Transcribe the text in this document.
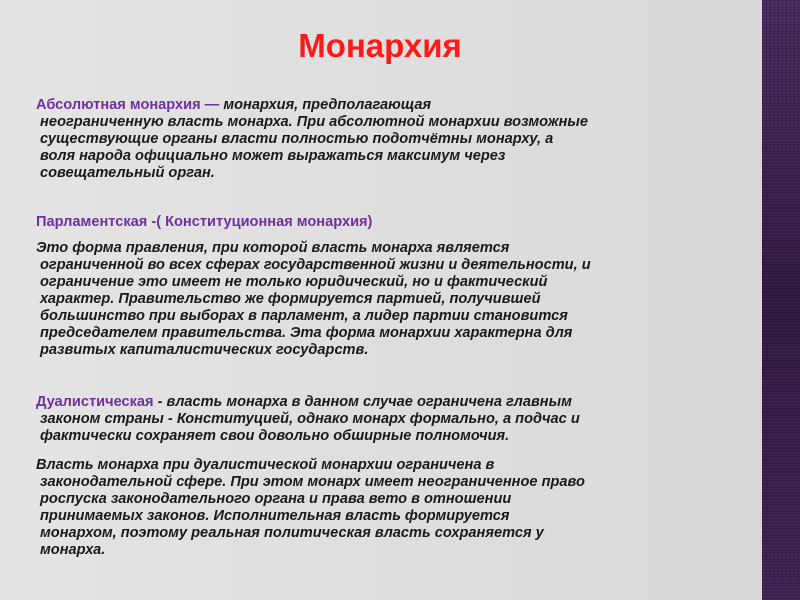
Монархия
Абсолютная монархия — монархия, предполагающая
неограниченную власть монарха. При абсолютной монархии возможные
существующие органы власти полностью подотчётны монарху, а
воля народа официально может выражаться максимум через
совещательный орган.
Парламентская -( Конституционная монархия)
Это форма правления, при которой власть монарха является
ограниченной во всех сферах государственной жизни и деятельности, и
ограничение это имеет не только юридический, но и фактический
характер. Правительство же формируется партией, получившей
большинство при выборах в парламент, а лидер партии становится
председателем правительства. Эта форма монархии характерна для
развитых капиталистических государств.
Дуалистическая - власть монарха в данном случае ограничена главным
законом страны - Конституцией, однако монарх формально, а подчас и
фактически сохраняет свои довольно обширные полномочия.
Власть монарха при дуалистической монархии ограничена в
законодательной сфере. При этом монарх имеет неограниченное право
роспуска законодательного органа и права вето в отношении
принимаемых законов. Исполнительная власть формируется
монархом, поэтому реальная политическая власть сохраняется у
монарха.
